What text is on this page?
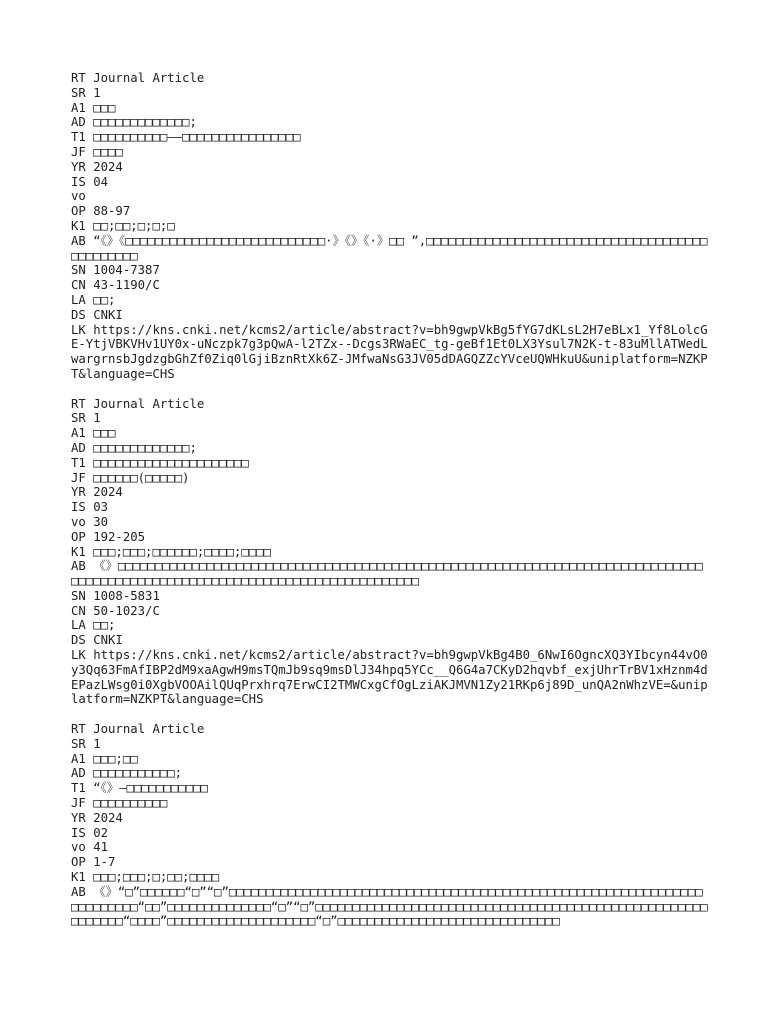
RT Journal Article
SR 1
A1 □□□
AD □□□□□□□□□□□□□;
T1 □□□□□□□□□□——□□□□□□□□□□□□□□□□
JF □□□□
YR 2024
IS 04
vo
OP 88-97
K1 □□;□□;□;□;□
AB “《》《□□□□□□□□□□□□□□□□□□□□□□□□□□□·》《》《·》□□ ”,□□□□□□□□□□□□□□□□□□□□□□□□□□□□□□□□□□□□□□□□□□□□□□□
SN 1004-7387
CN 43-1190/C
LA □□;
DS CNKI
LK https://kns.cnki.net/kcms2/article/abstract?v=bh9gwpVkBg5fYG7dKLsL2H7eBLx1_Yf8LolcGE-YtjVBKVHv1UY0x-uNczpk7g3pQwA-l2TZx--Dcgs3RWaEC_tg-geBf1Et0LX3Ysul7N2K-t-83uMllATWedLwargrnsbJgdzgbGhZf0Ziq0lGjiBznRtXk6Z-JMfwaNsG3JV05dDAGQZZcYVceUQWHkuU&uniplatform=NZKPT&language=CHS
RT Journal Article
SR 1
A1 □□□
AD □□□□□□□□□□□□□;
T1 □□□□□□□□□□□□□□□□□□□□□
JF □□□□□□(□□□□□)
YR 2024
IS 03
vo 30
OP 192-205
K1 □□□;□□□;□□□□□□;□□□□;□□□□
AB 《》□□□□□□□□□□□□□□□□□□□□□□□□□□□□□□□□□□□□□□□□□□□□□□□□□□□□□□□□□□□□□□□□□□□□□□□□□□□□□□□□□□□□□□□□□□□□□□□□□□□□□□□□□□□□□□□□□□□□□□□□□□□□□□
SN 1008-5831
CN 50-1023/C
LA □□;
DS CNKI
LK https://kns.cnki.net/kcms2/article/abstract?v=bh9gwpVkBg4B0_6NwI6OgncXQ3YIbcyn44vO0y3Qq63FmAfIBP2dM9xaAgwH9msTQmJb9sq9msDlJ34hpq5YCc__Q6G4a7CKyD2hqvbf_exjUhrTrBV1xHznm4dEPazLWsg0i0XgbVOOAilQUqPrxhrq7ErwCI2TMWCxgCfOgLziAKJMVN1Zy21RKp6j89D_unQA2nWhzVE=&uniplatform=NZKPT&language=CHS
RT Journal Article
SR 1
A1 □□□;□□
AD □□□□□□□□□□□;
T1 “《》—□□□□□□□□□□□
JF □□□□□□□□□□
YR 2024
IS 02
vo 41
OP 1-7
K1 □□□;□□□;□;□□;□□□□
AB 《》“□”□□□□□□“□”“□”□□□□□□□□□□□□□□□□□□□□□□□□□□□□□□□□□□□□□□□□□□□□□□□□□□□□□□□□□□□□□□□□□□□□□□□□□“□□”□□□□□□□□□□□□□□“□”“□”□□□□□□□□□□□□□□□□□□□□□□□□□□□□□□□□□□□□□□□□□□□□□□□□□□□□□□□□□□□□“□□□□”□□□□□□□□□□□□□□□□□□□□“□”□□□□□□□□□□□□□□□□□□□□□□□□□□□□□□
